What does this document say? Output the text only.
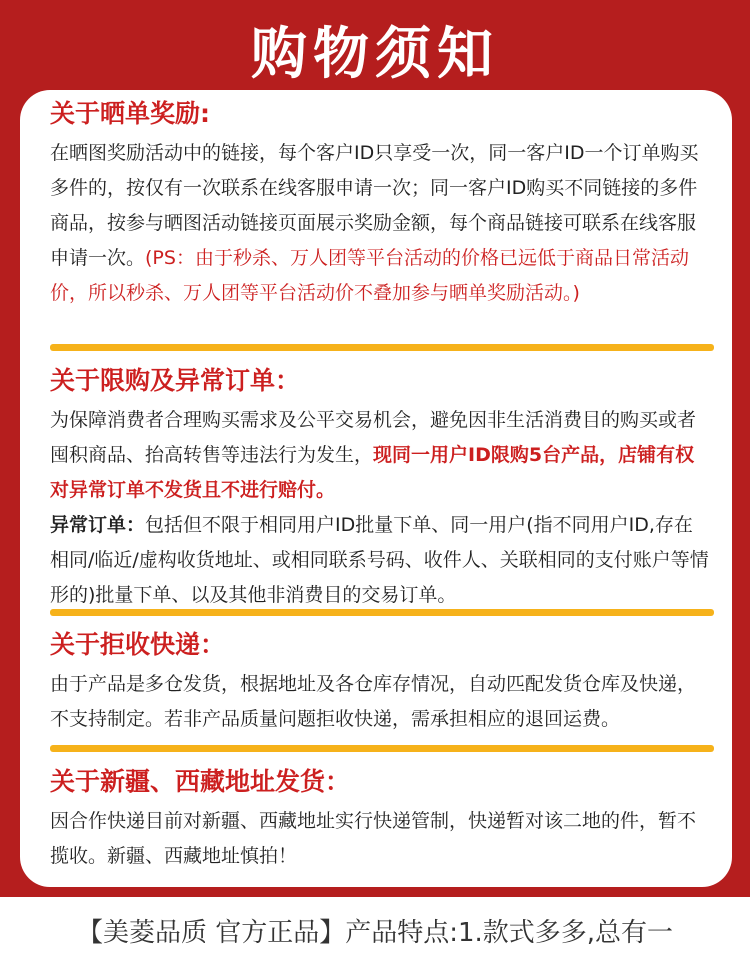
购物须知
关于晒单奖励:
在晒图奖励活动中的链接，每个客户ID只享受一次，同一客户ID一个订单购买多件的，按仅有一次联系在线客服申请一次；同一客户ID购买不同链接的多件商品，按参与晒图活动链接页面展示奖励金额，每个商品链接可联系在线客服申请一次。(PS：由于秒杀、万人团等平台活动的价格已远低于商品日常活动价，所以秒杀、万人团等平台活动价不叠加参与晒单奖励活动。)
关于限购及异常订单：
为保障消费者合理购买需求及公平交易机会，避免因非生活消费目的购买或者囤积商品、抬高转售等违法行为发生，现同一用户ID限购5台产品，店铺有权对异常订单不发货且不进行赔付。
异常订单：包括但不限于相同用户ID批量下单、同一用户(指不同用户ID,存在相同/临近/虚构收货地址、或相同联系号码、收件人、关联相同的支付账户等情形的)批量下单、以及其他非消费目的交易订单。
关于拒收快递：
由于产品是多仓发货，根据地址及各仓库存情况，自动匹配发货仓库及快递，不支持制定。若非产品质量问题拒收快递，需承担相应的退回运费。
关于新疆、西藏地址发货：
因合作快递目前对新疆、西藏地址实行快递管制，快递暂对该二地的件，暂不揽收。新疆、西藏地址慎拍！
【美菱品质 官方正品】产品特点:1.款式多多,总有一
